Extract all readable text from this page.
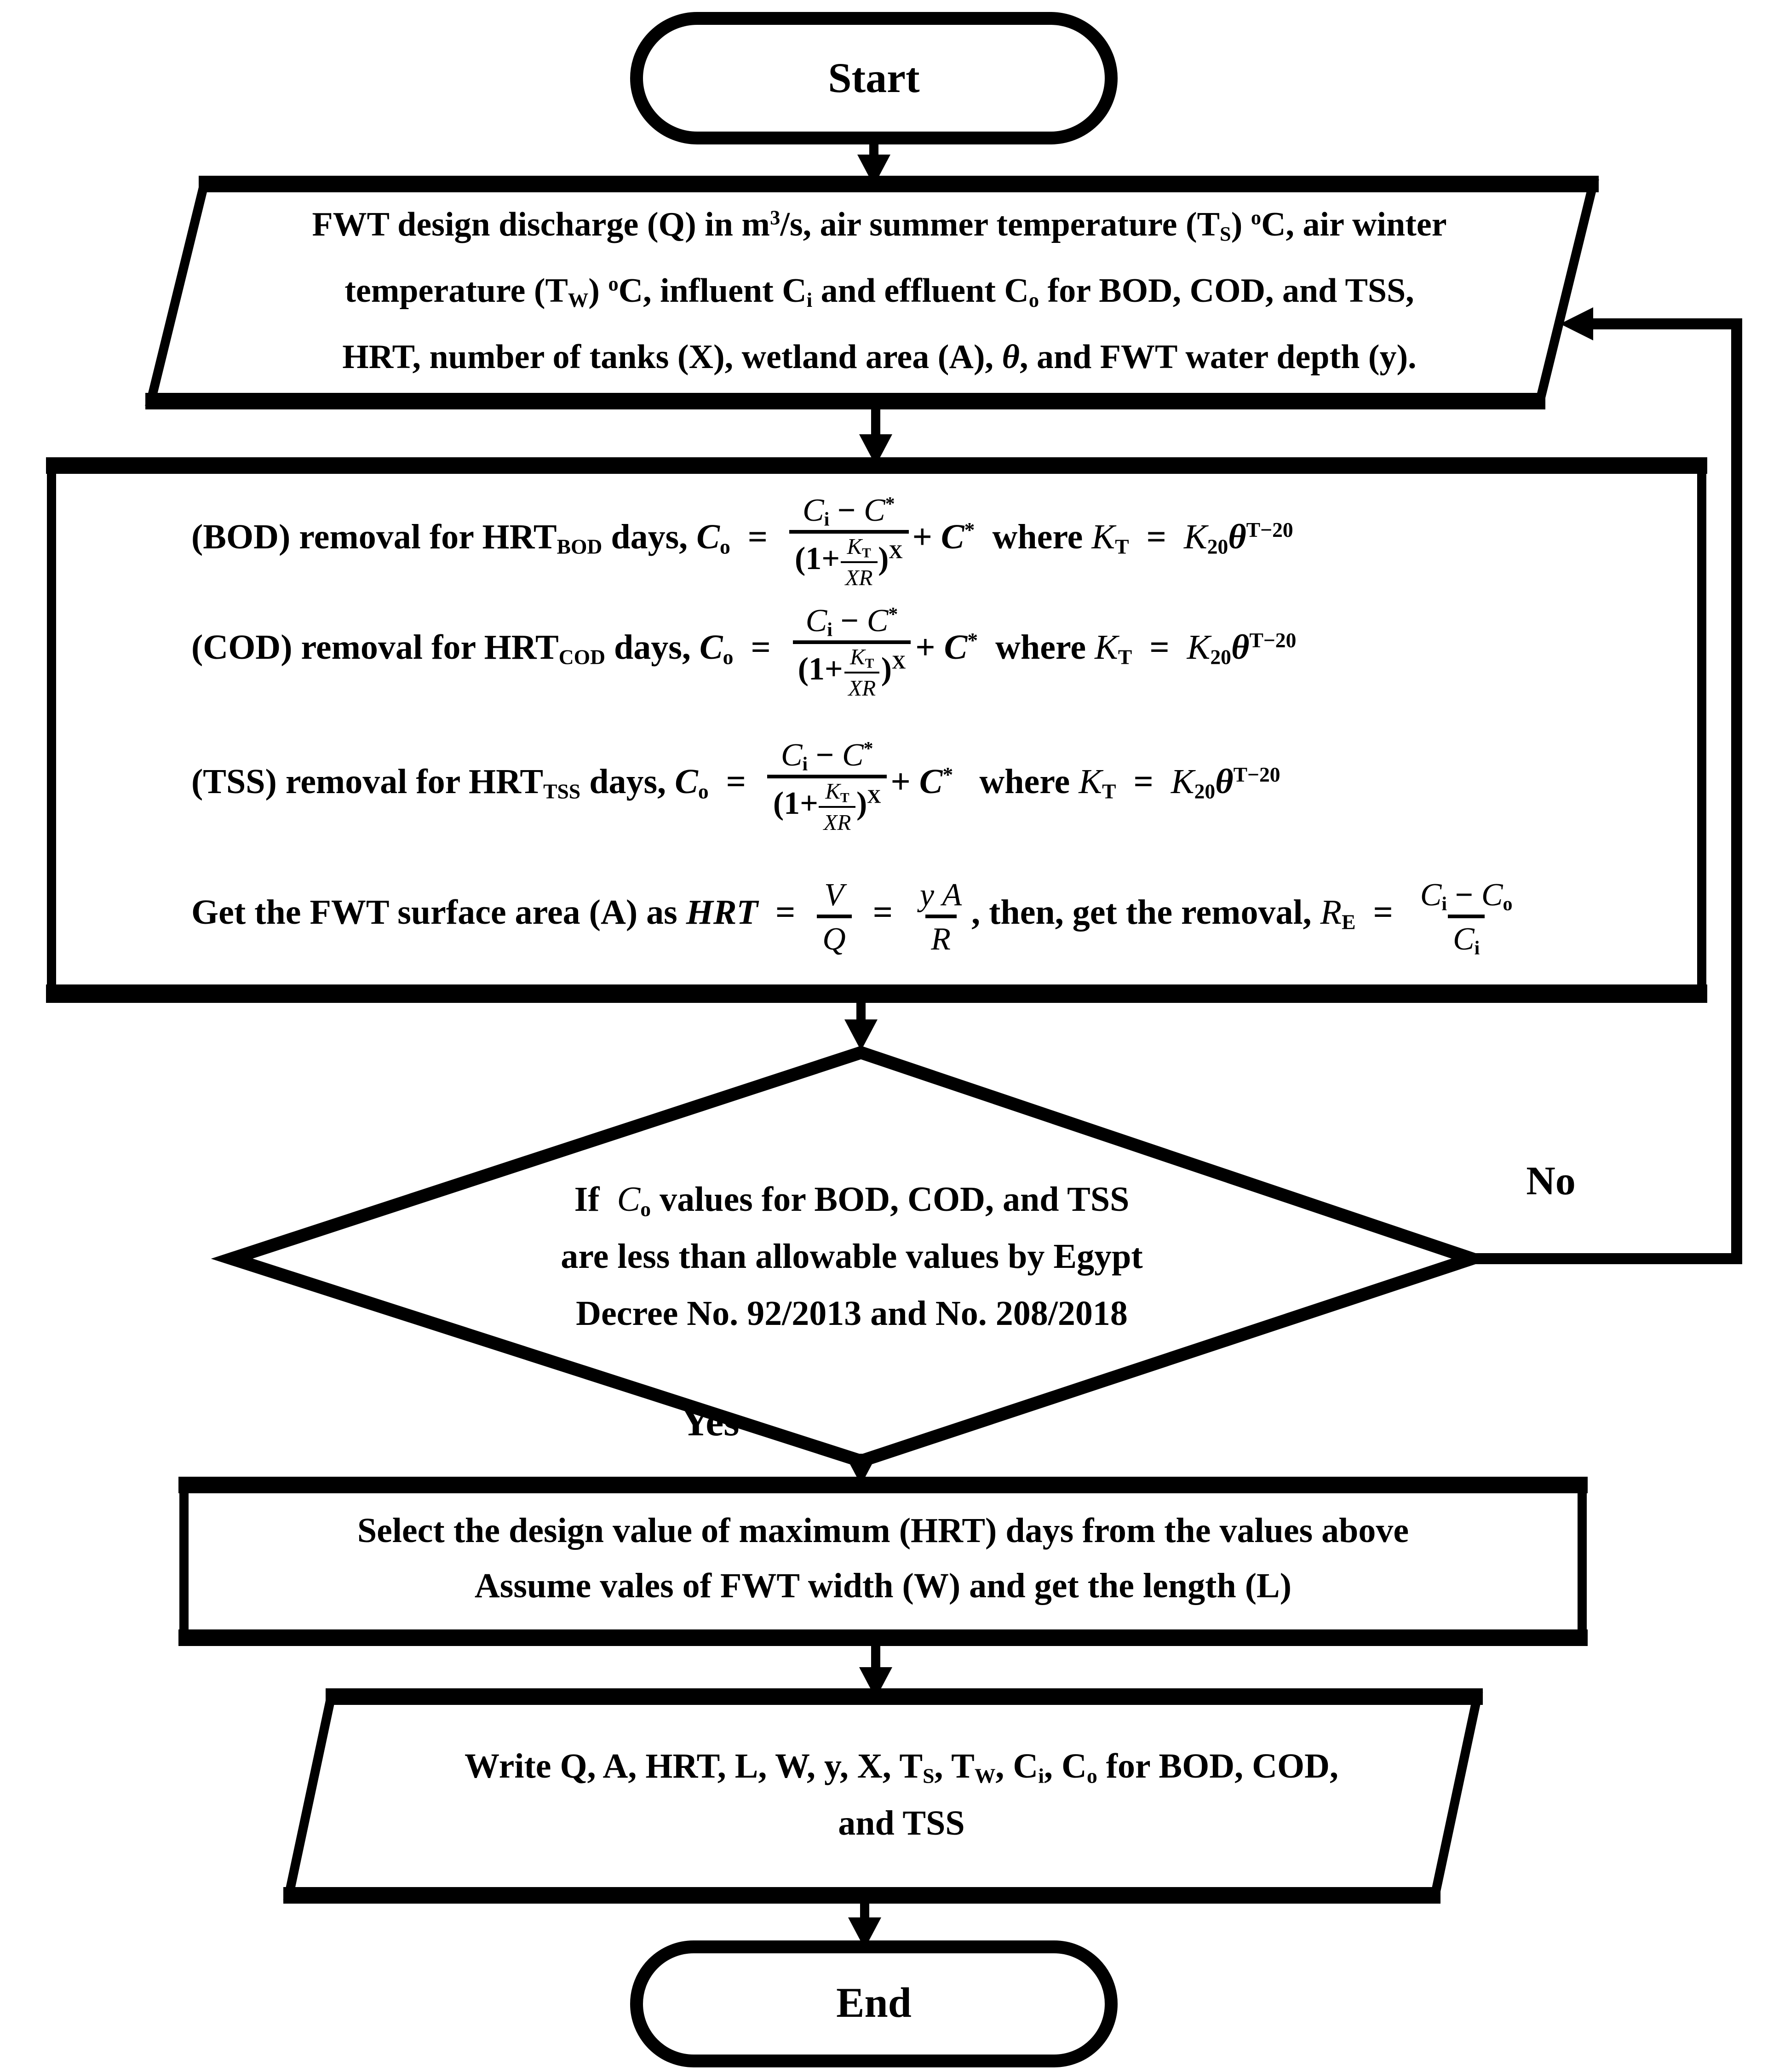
Start
FWT design discharge (Q) in $m^3/s$, air summer temperature (TS) $^o$C, air winter
temperature (TW) $^o$C, influent Ci and effluent Co for BOD, COD, and TSS,
HRT, number of tanks (X), wetland area (A), θ, and FWT water depth (y).
(BOD) removal for HRTBOD days, $Co = \frac{Ci - C^*}{(1+ \frac{KT}{XR} )^X} + C^*$  where KT  =  $K20\theta^{T-20}$
(COD) removal for HRTCOD days, $Co = \frac{Ci - C^*}{(1+ \frac{KT}{XR} )^X} + C^*$  where KT  =  $K20\theta^{T-20}$
(TSS) removal for HRTTSS days, $Co = \frac{Ci - C^*}{(1+ \frac{KT}{XR} )^X} + C^*$   where KT  =  $K20\theta^{T-20}$
Get the FWT surface area (A) as HRT  = $\frac{V}{Q} = \frac{\text{y A}}{R}$ , then, get the removal, RE  = $\frac{Ci - Co}{Ci}$
If  Co values for BOD, COD, and TSS
are less than allowable values by Egypt
Decree No. 92/2013 and No. 208/2018
No
Yes
Select the design value of maximum (HRT) days from the values above
Assume vales of FWT width (W) and get the length (L)
Write Q, A, HRT, L, W, y, X, TS, TW, Ci, Co for BOD, COD,
and TSS
End
